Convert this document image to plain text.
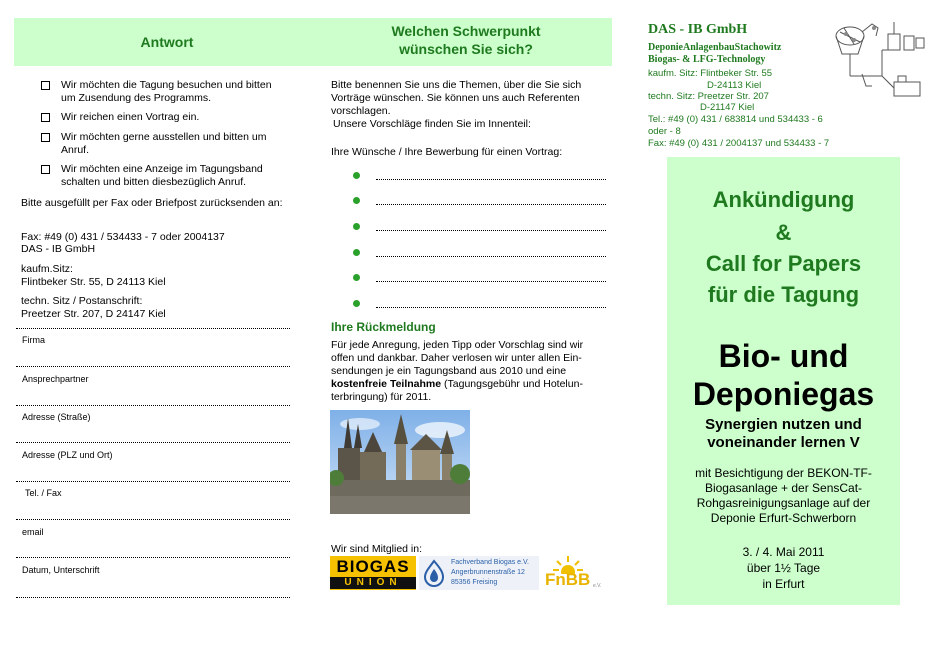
Antwort
Wir möchten die Tagung besuchen und bitten um Zusendung des Programms.
Wir reichen einen Vortrag ein.
Wir möchten gerne ausstellen und bitten um Anruf.
Wir möchten eine Anzeige im Tagungsband schalten und bitten diesbezüglich Anruf.
Bitte ausgefüllt per Fax oder Briefpost zurücksenden an:
Fax: #49 (0) 431 / 534433 - 7 oder 2004137
DAS - IB GmbH
kaufm.Sitz:
Flintbeker Str. 55, D 24113 Kiel
techn. Sitz / Postanschrift:
Preetzer Str. 207, D 24147 Kiel
Firma
Ansprechpartner
Adresse (Straße)
Adresse (PLZ und Ort)
Tel. / Fax
email
Datum, Unterschrift
Welchen Schwerpunkt
wünschen Sie sich?
Bitte benennen Sie uns die Themen, über die Sie sich Vorträge wünschen. Sie können uns auch Referenten vorschlagen.
Unsere Vorschläge finden Sie im Innenteil:
Ihre Wünsche / Ihre Bewerbung für einen Vortrag:
Ihre Rückmeldung
Für jede Anregung, jeden Tipp oder Vorschlag sind wir offen und dankbar. Daher verlosen wir unter allen Ein- sendungen je ein Tagungsband aus 2010 und eine kostenfreie Teilnahme (Tagungsgebühr und Hotelun- terbringung) für 2011.
Wir sind Mitglied in:
BIOGAS
UNION
Fachverband Biogas e.V.
Angerbrunnenstraße 12
85356 Freising	FnBB e.V.
DAS - IB GmbH
DeponieAnlagenbauStachowitz
Biogas- & LFG-Technology
kaufm. Sitz: Flintbeker Str. 55
D-24113 Kiel
techn. Sitz: Preetzer Str. 207
D-21147 Kiel
Tel.: #49 (0) 431 / 683814 und 534433 - 6
oder - 8
Fax: #49 (0) 431 / 2004137 und 534433 - 7
Ankündigung
&
Call for Papers
für die Tagung
Bio- und
Deponiegas
Synergien nutzen und
voneinander lernen V
mit Besichtigung der BEKON-TF-
Biogasanlage + der SensCat-
Rohgasreinigungsanlage auf der
Deponie Erfurt-Schwerborn
3. / 4. Mai 2011
über 1½ Tage
in Erfurt
